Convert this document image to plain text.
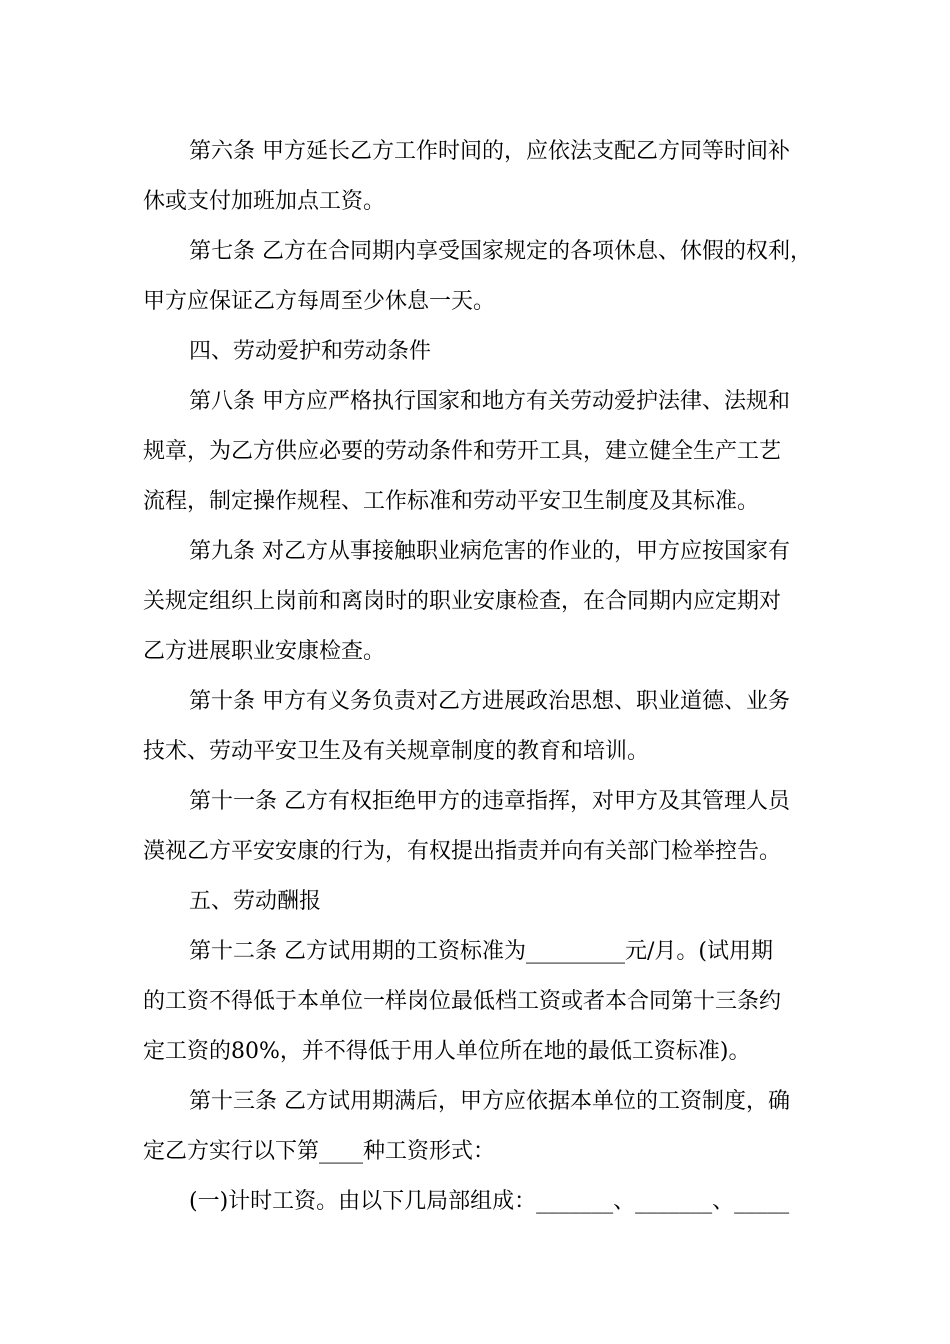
第六条 甲方延长乙方工作时间的，应依法支配乙方同等时间补
休或支付加班加点工资。
第七条 乙方在合同期内享受国家规定的各项休息、休假的权利，
甲方应保证乙方每周至少休息一天。
四、劳动爱护和劳动条件
第八条 甲方应严格执行国家和地方有关劳动爱护法律、法规和
规章，为乙方供应必要的劳动条件和劳开工具，建立健全生产工艺
流程，制定操作规程、工作标准和劳动平安卫生制度及其标准。
第九条 对乙方从事接触职业病危害的作业的，甲方应按国家有
关规定组织上岗前和离岗时的职业安康检查，在合同期内应定期对
乙方进展职业安康检查。
第十条 甲方有义务负责对乙方进展政治思想、职业道德、业务
技术、劳动平安卫生及有关规章制度的教育和培训。
第十一条 乙方有权拒绝甲方的违章指挥，对甲方及其管理人员
漠视乙方平安安康的行为，有权提出指责并向有关部门检举控告。
五、劳动酬报
第十二条 乙方试用期的工资标准为_________元/月。(试用期
的工资不得低于本单位一样岗位最低档工资或者本合同第十三条约
定工资的80%，并不得低于用人单位所在地的最低工资标准)。
第十三条 乙方试用期满后，甲方应依据本单位的工资制度，确
定乙方实行以下第____种工资形式：
(一)计时工资。由以下几局部组成：_______、_______、_____
